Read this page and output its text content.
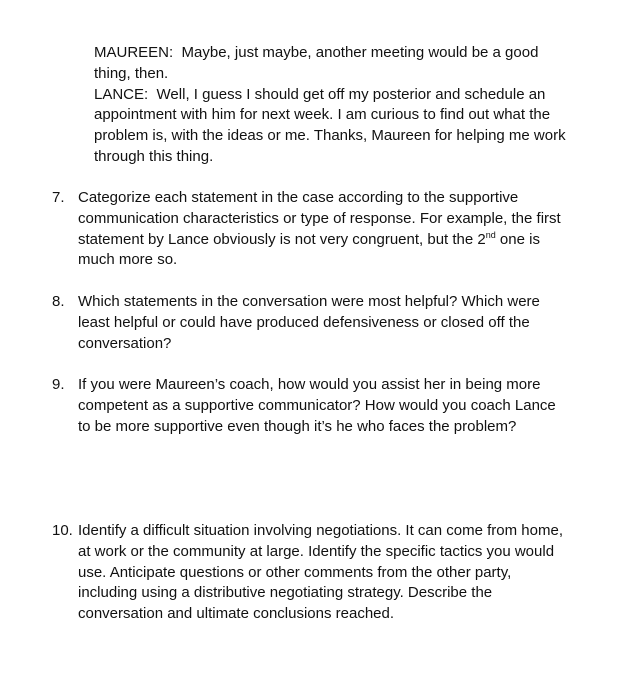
MAUREEN : Maybe, just maybe, another meeting would be a good thing, then.

LANCE : Well, I guess I should get off my posterior and schedule an appointment with him for next week. I am curious to find out what the problem is, with the ideas or me. Thanks, Maureen for helping me work through this thing.

7. Categorize each statement in the case according to the supportive communication characteristics or type of response. For example, the first statement by Lance obviously is not very congruent, but the 2nd one is much more so.

8. Which statements in the conversation were most helpful? Which were least helpful or could have produced defensiveness or closed off the conversation?

9. If you were Maureen’s coach, how would you assist her in being more competent as a supportive communicator? How would you coach Lance to be more supportive even though it’s he who faces the problem?

10. Identify a difficult situation involving negotiations. It can come from home, at work or the community at large. Identify the specific tactics you would use. Anticipate questions or other comments from the other party, including using a distributive negotiating strategy. Describe the conversation and ultimate conclusions reached.
